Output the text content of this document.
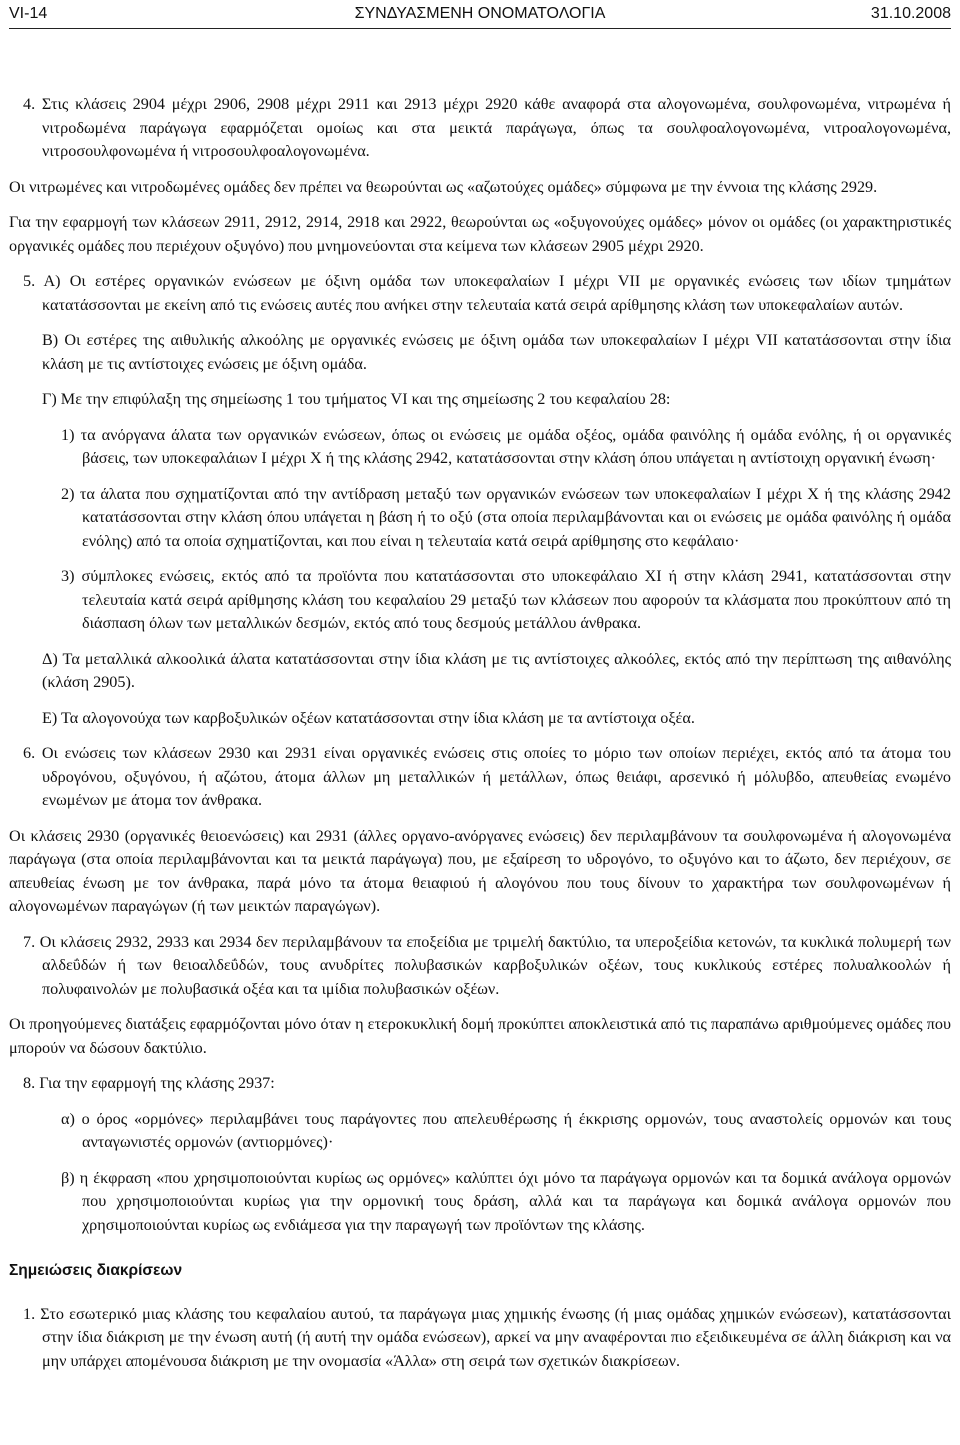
VI-14	ΣΥΝΔΥΑΣΜΕΝΗ ΟΝΟΜΑΤΟΛΟΓΙΑ	31.10.2008

4. Στις κλάσεις 2904 μέχρι 2906, 2908 μέχρι 2911 και 2913 μέχρι 2920 κάθε αναφορά στα αλογονωμένα, σουλφονωμένα, νιτρωμένα ή νιτροδωμένα παράγωγα εφαρμόζεται ομοίως και στα μεικτά παράγωγα, όπως τα σουλφοαλογονωμένα, νιτροαλογονωμένα, νιτροσουλφονωμένα ή νιτροσουλφοαλογονωμένα.

Οι νιτρωμένες και νιτροδωμένες ομάδες δεν πρέπει να θεωρούνται ως «αζωτούχες ομάδες» σύμφωνα με την έννοια της κλάσης 2929.

Για την εφαρμογή των κλάσεων 2911, 2912, 2914, 2918 και 2922, θεωρούνται ως «οξυγονούχες ομάδες» μόνον οι ομάδες (οι χαρακτηριστικές οργανικές ομάδες που περιέχουν οξυγόνο) που μνημονεύονται στα κείμενα των κλάσεων 2905 μέχρι 2920.

5. Α) Οι εστέρες οργανικών ενώσεων με όξινη ομάδα των υποκεφαλαίων Ι μέχρι VII με οργανικές ενώσεις των ιδίων τμημάτων κατατάσσονται με εκείνη από τις ενώσεις αυτές που ανήκει στην τελευταία κατά σειρά αρίθμησης κλάση των υποκεφαλαίων αυτών.

Β) Οι εστέρες της αιθυλικής αλκοόλης με οργανικές ενώσεις με όξινη ομάδα των υποκεφαλαίων Ι μέχρι VII κατατάσσονται στην ίδια κλάση με τις αντίστοιχες ενώσεις με όξινη ομάδα.

Γ) Με την επιφύλαξη της σημείωσης 1 του τμήματος VI και της σημείωσης 2 του κεφαλαίου 28:

1) τα ανόργανα άλατα των οργανικών ενώσεων, όπως οι ενώσεις με ομάδα οξέος, ομάδα φαινόλης ή ομάδα ενόλης, ή οι οργανικές βάσεις, των υποκεφαλάιων Ι μέχρι Χ ή της κλάσης 2942, κατατάσσονται στην κλάση όπου υπάγεται η αντίστοιχη οργανική ένωση·

2) τα άλατα που σχηματίζονται από την αντίδραση μεταξύ των οργανικών ενώσεων των υποκεφαλαίων Ι μέχρι Χ ή της κλάσης 2942 κατατάσσονται στην κλάση όπου υπάγεται η βάση ή το οξύ (στα οποία περιλαμβάνονται και οι ενώσεις με ομάδα φαινόλης ή ομάδα ενόλης) από τα οποία σχηματίζονται, και που είναι η τελευταία κατά σειρά αρίθμησης στο κεφάλαιο·

3) σύμπλοκες ενώσεις, εκτός από τα προϊόντα που κατατάσσονται στο υποκεφάλαιο ΧΙ ή στην κλάση 2941, κατατάσσονται στην τελευταία κατά σειρά αρίθμησης κλάση του κεφαλαίου 29 μεταξύ των κλάσεων που αφορούν τα κλάσματα που προκύπτουν από τη διάσπαση όλων των μεταλλικών δεσμών, εκτός από τους δεσμούς μετάλλου άνθρακα.

Δ) Τα μεταλλικά αλκοολικά άλατα κατατάσσονται στην ίδια κλάση με τις αντίστοιχες αλκοόλες, εκτός από την περίπτωση της αιθανόλης (κλάση 2905).

Ε) Τα αλογονούχα των καρβοξυλικών οξέων κατατάσσονται στην ίδια κλάση με τα αντίστοιχα οξέα.

6. Οι ενώσεις των κλάσεων 2930 και 2931 είναι οργανικές ενώσεις στις οποίες το μόριο των οποίων περιέχει, εκτός από τα άτομα του υδρογόνου, οξυγόνου, ή αζώτου, άτομα άλλων μη μεταλλικών ή μετάλλων, όπως θειάφι, αρσενικό ή μόλυβδο, απευθείας ενωμένο ενωμένων με άτομα τον άνθρακα.

Οι κλάσεις 2930 (οργανικές θειοενώσεις) και 2931 (άλλες οργανο-ανόργανες ενώσεις) δεν περιλαμβάνουν τα σουλφονωμένα ή αλογονωμένα παράγωγα (στα οποία περιλαμβάνονται και τα μεικτά παράγωγα) που, με εξαίρεση το υδρογόνο, το οξυγόνο και το άζωτο, δεν περιέχουν, σε απευθείας ένωση με τον άνθρακα, παρά μόνο τα άτομα θειαφιού ή αλογόνου που τους δίνουν το χαρακτήρα των σουλφονωμένων ή αλογονωμένων παραγώγων (ή των μεικτών παραγώγων).

7. Οι κλάσεις 2932, 2933 και 2934 δεν περιλαμβάνουν τα εποξείδια με τριμελή δακτύλιο, τα υπεροξείδια κετονών, τα κυκλικά πολυμερή των αλδεΰδών ή των θειοαλδεΰδών, τους ανυδρίτες πολυβασικών καρβοξυλικών οξέων, τους κυκλικούς εστέρες πολυαλκοολών ή πολυφαινολών με πολυβασικά οξέα και τα ιμίδια πολυβασικών οξέων.

Οι προηγούμενες διατάξεις εφαρμόζονται μόνο όταν η ετεροκυκλική δομή προκύπτει αποκλειστικά από τις παραπάνω αριθμούμενες ομάδες που μπορούν να δώσουν δακτύλιο.

8. Για την εφαρμογή της κλάσης 2937:

α) ο όρος «ορμόνες» περιλαμβάνει τους παράγοντες που απελευθέρωσης ή έκκρισης ορμονών, τους αναστολείς ορμονών και τους ανταγωνιστές ορμονών (αντιορμόνες)·

β) η έκφραση «που χρησιμοποιούνται κυρίως ως ορμόνες» καλύπτει όχι μόνο τα παράγωγα ορμονών και τα δομικά ανάλογα ορμονών που χρησιμοποιούνται κυρίως για την ορμονική τους δράση, αλλά και τα παράγωγα και δομικά ανάλογα ορμονών που χρησιμοποιούνται κυρίως ως ενδιάμεσα για την παραγωγή των προϊόντων της κλάσης.

Σημειώσεις διακρίσεων

1. Στο εσωτερικό μιας κλάσης του κεφαλαίου αυτού, τα παράγωγα μιας χημικής ένωσης (ή μιας ομάδας χημικών ενώσεων), κατατάσσονται στην ίδια διάκριση με την ένωση αυτή (ή αυτή την ομάδα ενώσεων), αρκεί να μην αναφέρονται πιο εξειδικευμένα σε άλλη διάκριση και να μην υπάρχει απομένουσα διάκριση με την ονομασία «Άλλα» στη σειρά των σχετικών διακρίσεων.
